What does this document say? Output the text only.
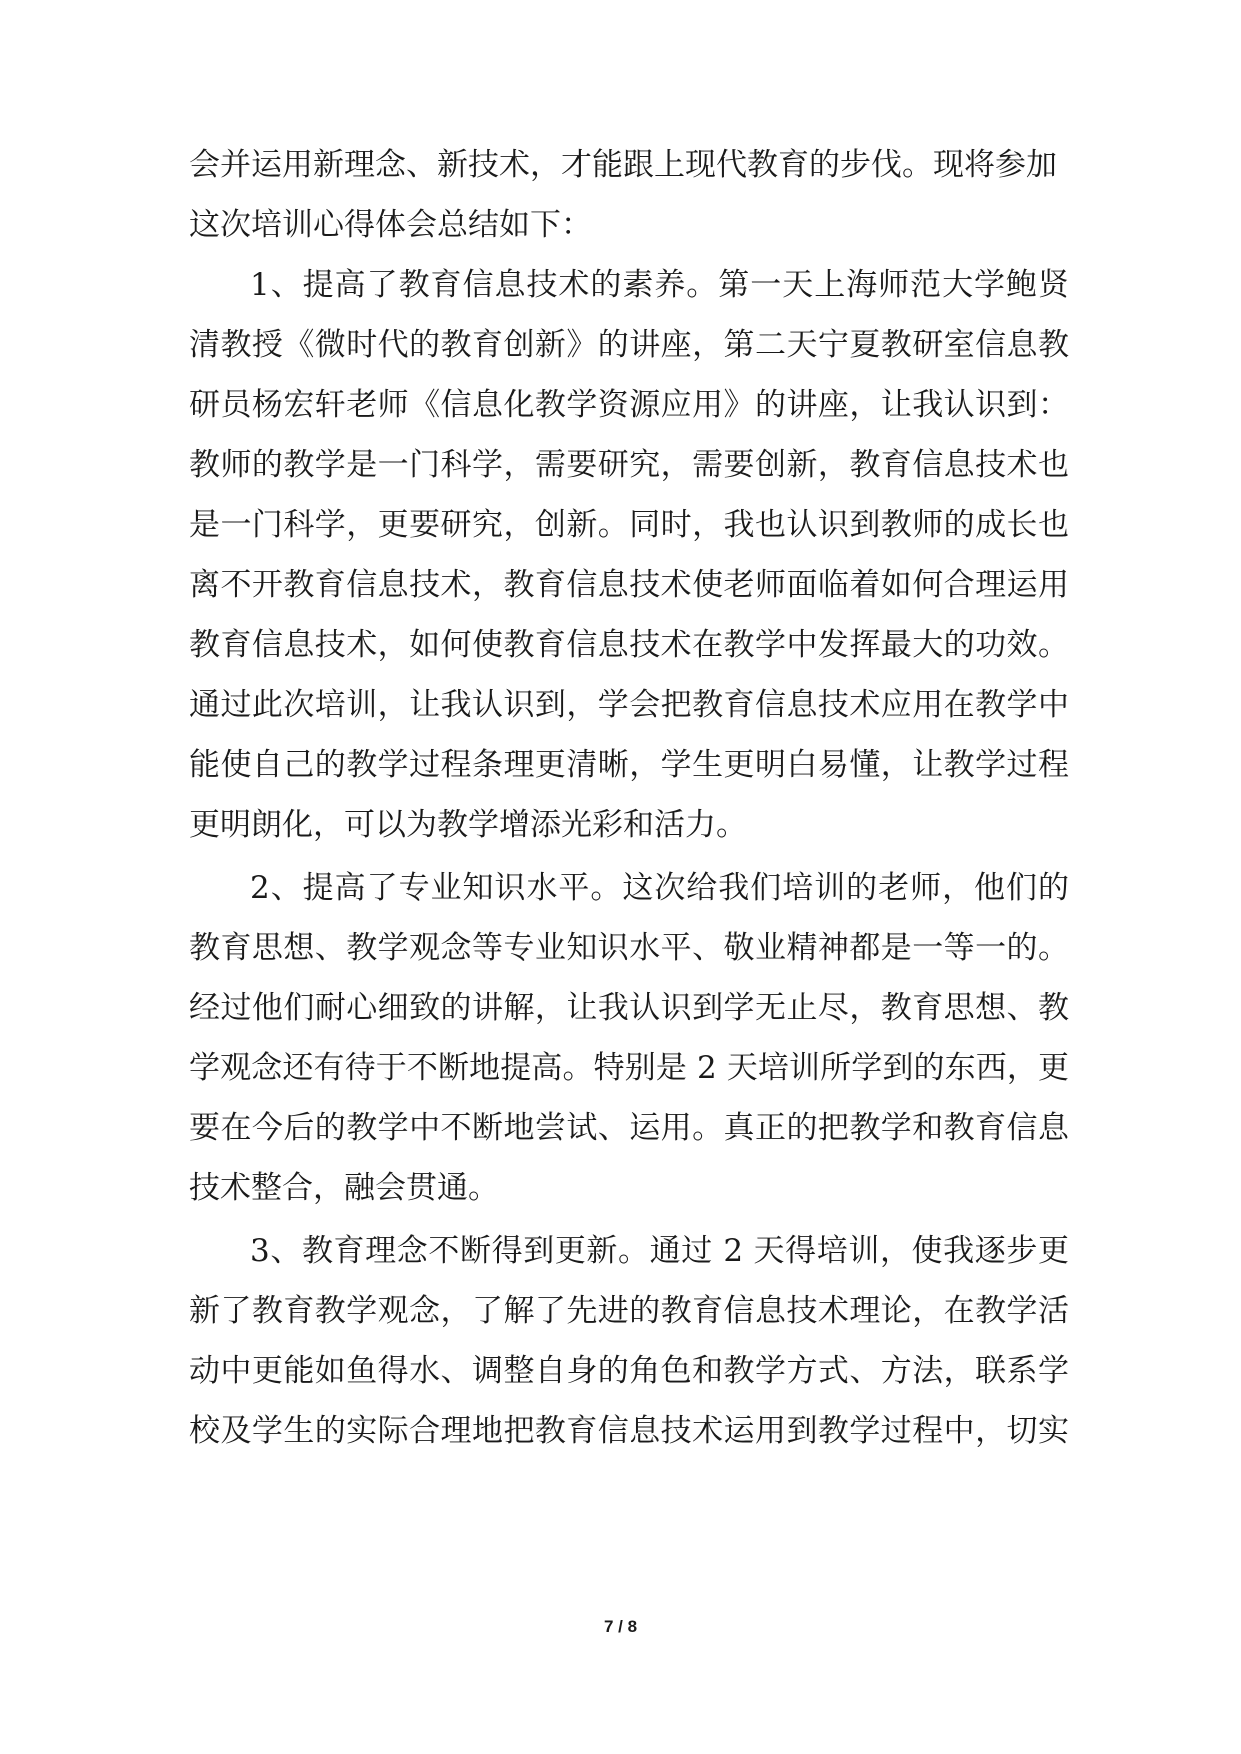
会并运用新理念、新技术，才能跟上现代教育的步伐。现将参加
这次培训心得体会总结如下：
1、提高了教育信息技术的素养。第一天上海师范大学鲍贤
清教授《微时代的教育创新》的讲座，第二天宁夏教研室信息教
研员杨宏轩老师《信息化教学资源应用》的讲座，让我认识到：
教师的教学是一门科学，需要研究，需要创新，教育信息技术也
是一门科学，更要研究，创新。同时，我也认识到教师的成长也
离不开教育信息技术，教育信息技术使老师面临着如何合理运用
教育信息技术，如何使教育信息技术在教学中发挥最大的功效。
通过此次培训，让我认识到，学会把教育信息技术应用在教学中
能使自己的教学过程条理更清晰，学生更明白易懂，让教学过程
更明朗化，可以为教学增添光彩和活力。
2、提高了专业知识水平。这次给我们培训的老师，他们的
教育思想、教学观念等专业知识水平、敬业精神都是一等一的。
经过他们耐心细致的讲解，让我认识到学无止尽，教育思想、教
学观念还有待于不断地提高。特别是 2 天培训所学到的东西，更
要在今后的教学中不断地尝试、运用。真正的把教学和教育信息
技术整合，融会贯通。
3、教育理念不断得到更新。通过 2 天得培训，使我逐步更
新了教育教学观念，了解了先进的教育信息技术理论，在教学活
动中更能如鱼得水、调整自身的角色和教学方式、方法，联系学
校及学生的实际合理地把教育信息技术运用到教学过程中，切实
7 / 8
